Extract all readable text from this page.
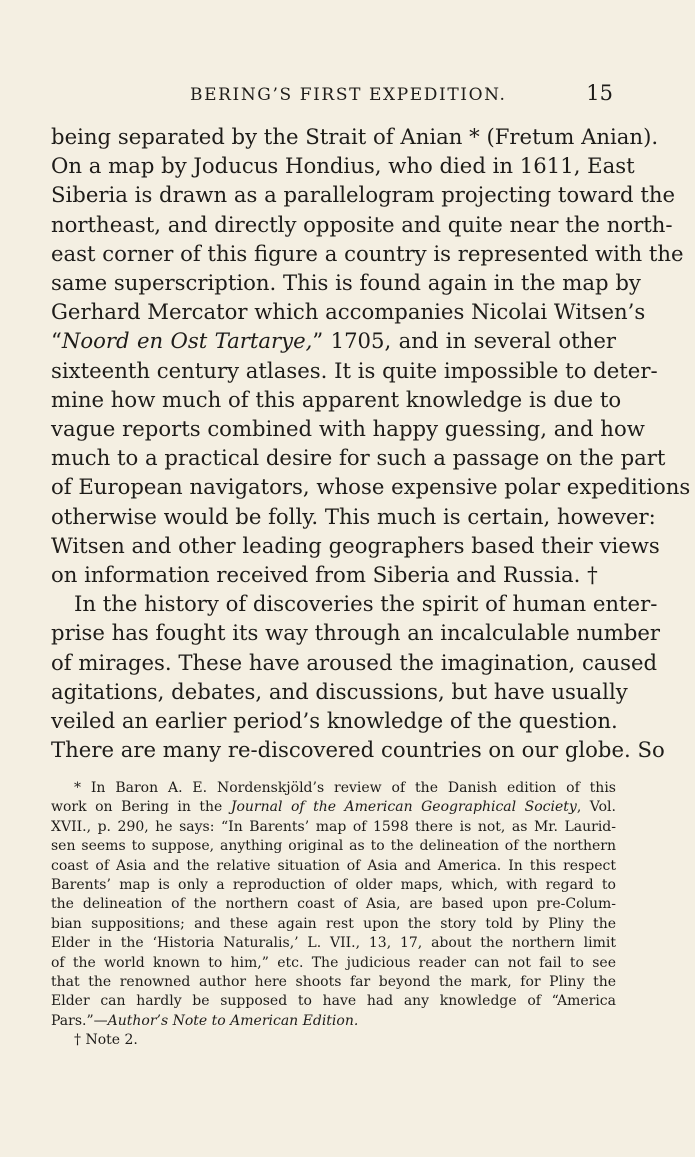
BERING’S FIRST EXPEDITION.	15
being separated by the Strait of Anian * (Fretum Anian).
On a map by Joducus Hondius, who died in 1611, East
Siberia is drawn as a parallelogram projecting toward the
northeast, and directly opposite and quite near the north-
east corner of this figure a country is represented with the
same superscription. This is found again in the map by
Gerhard Mercator which accompanies Nicolai Witsen’s
“Noord en Ost Tartarye,” 1705, and in several other
sixteenth century atlases. It is quite impossible to deter-
mine how much of this apparent knowledge is due to
vague reports combined with happy guessing, and how
much to a practical desire for such a passage on the part
of European navigators, whose expensive polar expeditions
otherwise would be folly. This much is certain, however:
Witsen and other leading geographers based their views
on information received from Siberia and Russia. †
In the history of discoveries the spirit of human enter-
prise has fought its way through an incalculable number
of mirages. These have aroused the imagination, caused
agitations, debates, and discussions, but have usually
veiled an earlier period’s knowledge of the question.
There are many re-discovered countries on our globe. So
* In Baron A. E. Nordenskjöld’s review of the Danish edition of this
work on Bering in the Journal of the American Geographical Society, Vol.
XVII., p. 290, he says: “In Barents’ map of 1598 there is not, as Mr. Laurid-
sen seems to suppose, anything original as to the delineation of the northern
coast of Asia and the relative situation of Asia and America. In this respect
Barents’ map is only a reproduction of older maps, which, with regard to
the delineation of the northern coast of Asia, are based upon pre-Colum-
bian suppositions; and these again rest upon the story told by Pliny the
Elder in the ‘Historia Naturalis,’ L. VII., 13, 17, about the northern limit
of the world known to him,” etc. The judicious reader can not fail to see
that the renowned author here shoots far beyond the mark, for Pliny the
Elder can hardly be supposed to have had any knowledge of “America
Pars.”—Author’s Note to American Edition.
† Note 2.
